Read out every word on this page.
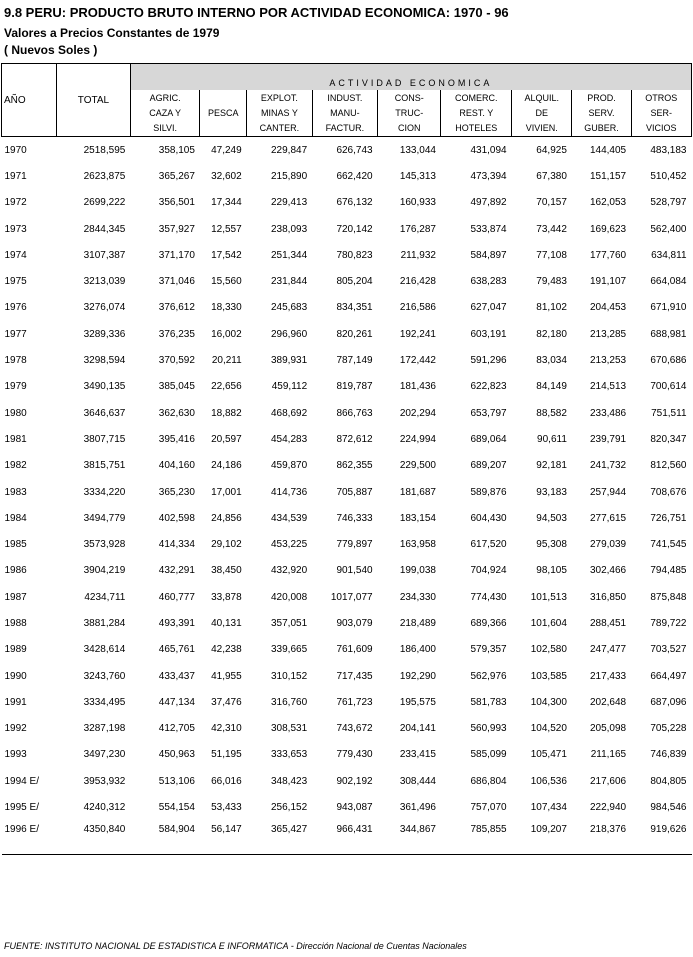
9.8 PERU: PRODUCTO BRUTO INTERNO POR ACTIVIDAD ECONOMICA: 1970 - 96
Valores a Precios Constantes de 1979
( Nuevos Soles )
AÑO	TOTAL	ACTIVIDAD ECONOMICA								

		AGRIC.
CAZA Y
SILVI.	PESCA	EXPLOT.
MINAS Y
CANTER.	INDUST.
MANU-
FACTUR.	CONS-
TRUC-
CION	COMERC.
REST. Y
HOTELES	ALQUIL.
DE
VIVIEN.	PROD.
SERV.
GUBER.	OTROS
SER-
VICIOS

1970	2518,595	358,105	47,249	229,847	626,743	133,044	431,094	64,925	144,405	483,183
1971	2623,875	365,267	32,602	215,890	662,420	145,313	473,394	67,380	151,157	510,452
1972	2699,222	356,501	17,344	229,413	676,132	160,933	497,892	70,157	162,053	528,797
1973	2844,345	357,927	12,557	238,093	720,142	176,287	533,874	73,442	169,623	562,400
1974	3107,387	371,170	17,542	251,344	780,823	211,932	584,897	77,108	177,760	634,811
1975	3213,039	371,046	15,560	231,844	805,204	216,428	638,283	79,483	191,107	664,084
1976	3276,074	376,612	18,330	245,683	834,351	216,586	627,047	81,102	204,453	671,910
1977	3289,336	376,235	16,002	296,960	820,261	192,241	603,191	82,180	213,285	688,981
1978	3298,594	370,592	20,211	389,931	787,149	172,442	591,296	83,034	213,253	670,686
1979	3490,135	385,045	22,656	459,112	819,787	181,436	622,823	84,149	214,513	700,614
1980	3646,637	362,630	18,882	468,692	866,763	202,294	653,797	88,582	233,486	751,511
1981	3807,715	395,416	20,597	454,283	872,612	224,994	689,064	90,611	239,791	820,347
1982	3815,751	404,160	24,186	459,870	862,355	229,500	689,207	92,181	241,732	812,560
1983	3334,220	365,230	17,001	414,736	705,887	181,687	589,876	93,183	257,944	708,676
1984	3494,779	402,598	24,856	434,539	746,333	183,154	604,430	94,503	277,615	726,751
1985	3573,928	414,334	29,102	453,225	779,897	163,958	617,520	95,308	279,039	741,545
1986	3904,219	432,291	38,450	432,920	901,540	199,038	704,924	98,105	302,466	794,485
1987	4234,711	460,777	33,878	420,008	1017,077	234,330	774,430	101,513	316,850	875,848
1988	3881,284	493,391	40,131	357,051	903,079	218,489	689,366	101,604	288,451	789,722
1989	3428,614	465,761	42,238	339,665	761,609	186,400	579,357	102,580	247,477	703,527
1990	3243,760	433,437	41,955	310,152	717,435	192,290	562,976	103,585	217,433	664,497
1991	3334,495	447,134	37,476	316,760	761,723	195,575	581,783	104,300	202,648	687,096
1992	3287,198	412,705	42,310	308,531	743,672	204,141	560,993	104,520	205,098	705,228
1993	3497,230	450,963	51,195	333,653	779,430	233,415	585,099	105,471	211,165	746,839
1994 E/	3953,932	513,106	66,016	348,423	902,192	308,444	686,804	106,536	217,606	804,805
1995 E/	4240,312	554,154	53,433	256,152	943,087	361,496	757,070	107,434	222,940	984,546
1996 E/	4350,840	584,904	56,147	365,427	966,431	344,867	785,855	109,207	218,376	919,626
FUENTE: INSTITUTO NACIONAL DE ESTADISTICA E INFORMATICA - Dirección Nacional de Cuentas Nacionales
